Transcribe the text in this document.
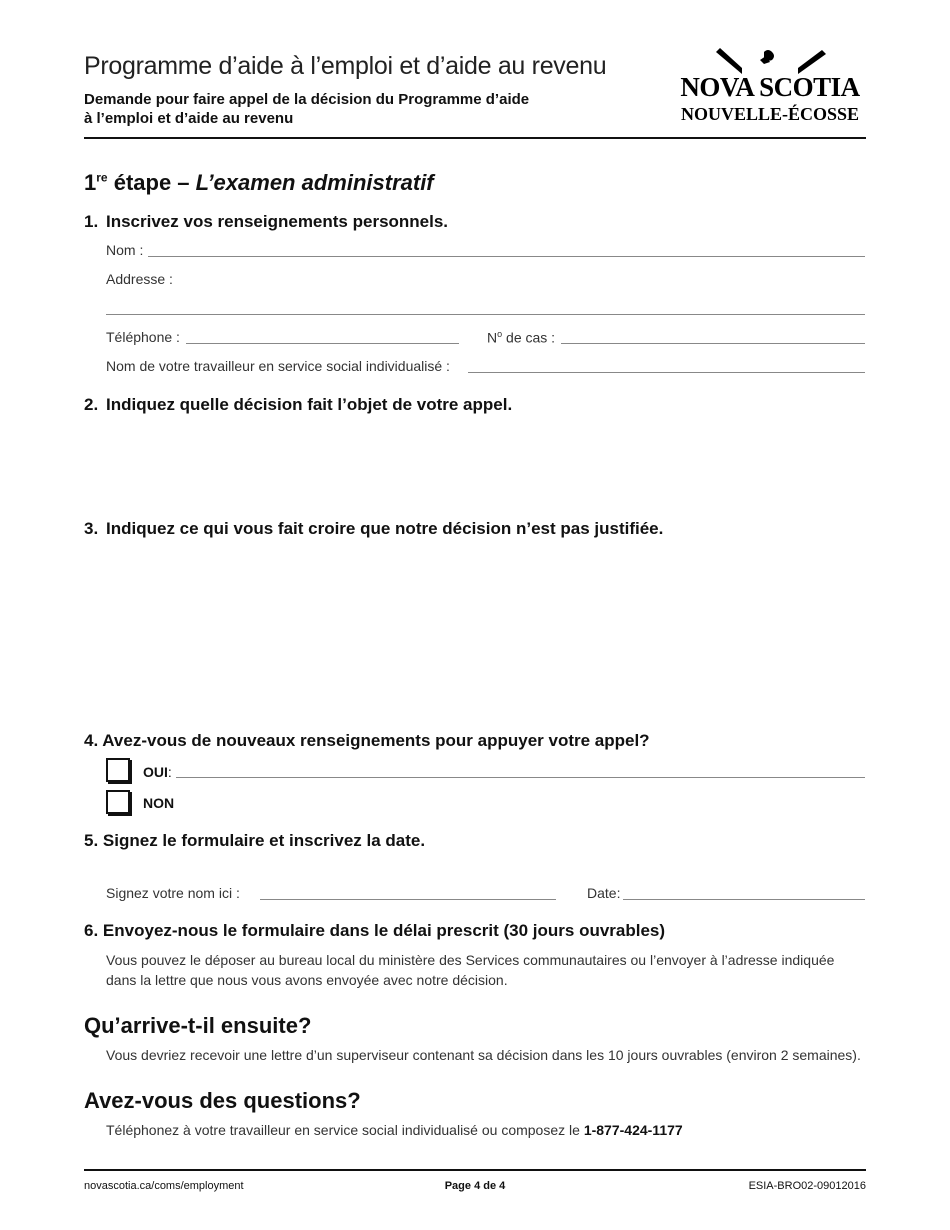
Programme d’aide à l’emploi et d’aide au revenu
Demande pour faire appel de la décision du Programme d’aide
à l’emploi et d’aide au revenu
NOVA SCOTIA
NOUVELLE-ÉCOSSE
1re étape – L’examen administratif
1. Inscrivez vos renseignements personnels.
Nom :
Addresse :
Téléphone :	$N^o$ de cas :
Nom de votre travailleur en service social individualisé :
2. Indiquez quelle décision fait l’objet de votre appel.
3. Indiquez ce qui vous fait croire que notre décision n’est pas justifiée.
4. Avez-vous de nouveaux renseignements pour appuyer votre appel?
OUI:
NON
5. Signez le formulaire et inscrivez la date.
Signez votre nom ici :	Date:
6. Envoyez-nous le formulaire dans le délai prescrit (30 jours ouvrables)
Vous pouvez le déposer au bureau local du ministère des Services communautaires ou l’envoyer à l’adresse indiquée dans la lettre que nous vous avons envoyée avec notre décision.
Qu’arrive-t-il ensuite?
Vous devriez recevoir une lettre d’un superviseur contenant sa décision dans les 10 jours ouvrables (environ 2 semaines).
Avez-vous des questions?
Téléphonez à votre travailleur en service social individualisé ou composez le 1-877-424-1177
novascotia.ca/coms/employment	Page 4 de 4	ESIA-BRO02-09012016
